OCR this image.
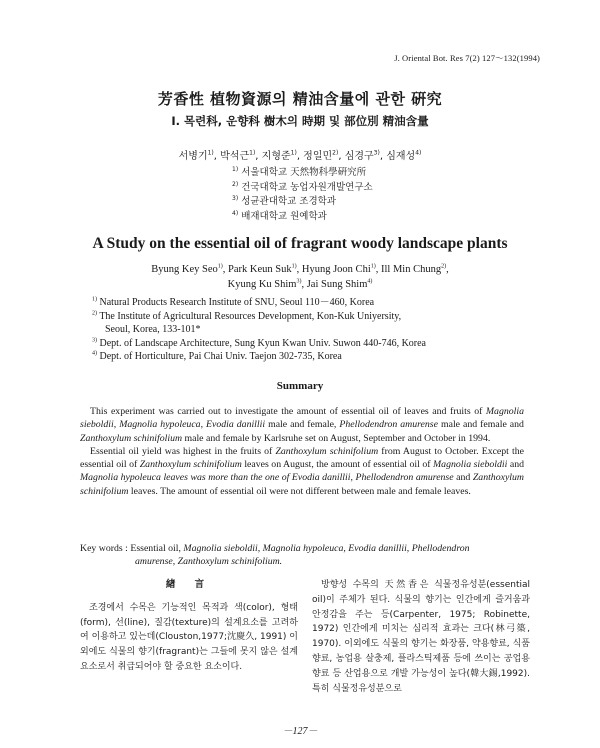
J. Oriental Bot. Res 7(2) 127～132(1994)
芳香性 植物資源의 精油含量에 관한 硏究
I. 목련科, 운향科 樹木의 時期 및 部位別 精油含量
서병기$^{1)}$, 박석근$^{1)}$, 지형준$^{1)}$, 정일민$^{2)}$, 심경구$^{3)}$, 심재성$^{4)}$
$^{1)}$ 서울대학교 天然物科學硏究所
$^{2)}$ 건국대학교 농업자원개발연구소
$^{3)}$ 성균관대학교 조경학과
$^{4)}$ 배재대학교 원예학과
A Study on the essential oil of fragrant woody landscape plants
Byung Key Seo$^{1)}$, Park Keun Suk$^{1)}$, Hyung Joon Chi$^{1)}$, Ill Min Chung$^{2)}$,
Kyung Ku Shim$^{3)}$, Jai Sung Shim$^{4)}$
$^{1)}$ Natural Products Research Institute of SNU, Seoul 110－460, Korea
$^{2)}$ The Institute of Agricultural Resources Development, Kon-Kuk Uniyersity,
Seoul, Korea, 133-101*
$^{3)}$ Dept. of Landscape Architecture, Sung Kyun Kwan Univ. Suwon 440-746, Korea
$^{4)}$ Dept. of Horticulture, Pai Chai Univ. Taejon 302-735, Korea
Summary

This experiment was carried out to investigate the amount of essential oil of leaves and fruits of Magnolia sieboldii, Magnolia hypoleuca, Evodia danillii male and female, Phellodendron amurense male and female and Zanthoxylum schinifolium male and female by Karlsruhe set on August, September and October in 1994.

Essential oil yield was highest in the fruits of Zanthoxylum schinifolium from August to October. Except the essential oil of Zanthoxylum schinifolium leaves on August, the amount of essential oil of Magnolia sieboldii and Magnolia hypoleuca leaves was more than the one of Evodia danillii, Phellodendron amurense and Zanthoxylum schinifolium leaves. The amount of essential oil were not different between male and female leaves.

Key words : Essential oil, Magnolia sieboldii, Magnolia hypoleuca, Evodia danillii, Phellodendron
amurense, Zanthoxylum schinifolium.
緖 言

조경에서 수목은 기능적인 목적과 색(color), 형태(form), 선(line), 질감(texture)의 설계요소를 고려하여 이용하고 있는데(Clouston,1977;沈慶久, 1991) 이외에도 식물의 향기(fragrant)는 그들에 못지 않은 설계요소로서 취급되어야 할 중요한 요소이다.

방향성 수목의 天然香은 식물정유성분(essential oil)이 주체가 된다. 식물의 향기는 인간에게 즐거움과 안정감을 주는 등(Carpenter, 1975; Robinette, 1972) 인간에게 미치는 심리적 효과는 크다(林弓築, 1970). 이외에도 식물의 향기는 화장품, 약용향료, 식품향료, 농업용 살충제, 플라스틱제품 등에 쓰이는 공업용 향료 등 산업용으로 개발 가능성이 높다(韓大錫,1992). 특히 식물정유성분으로

－127－
